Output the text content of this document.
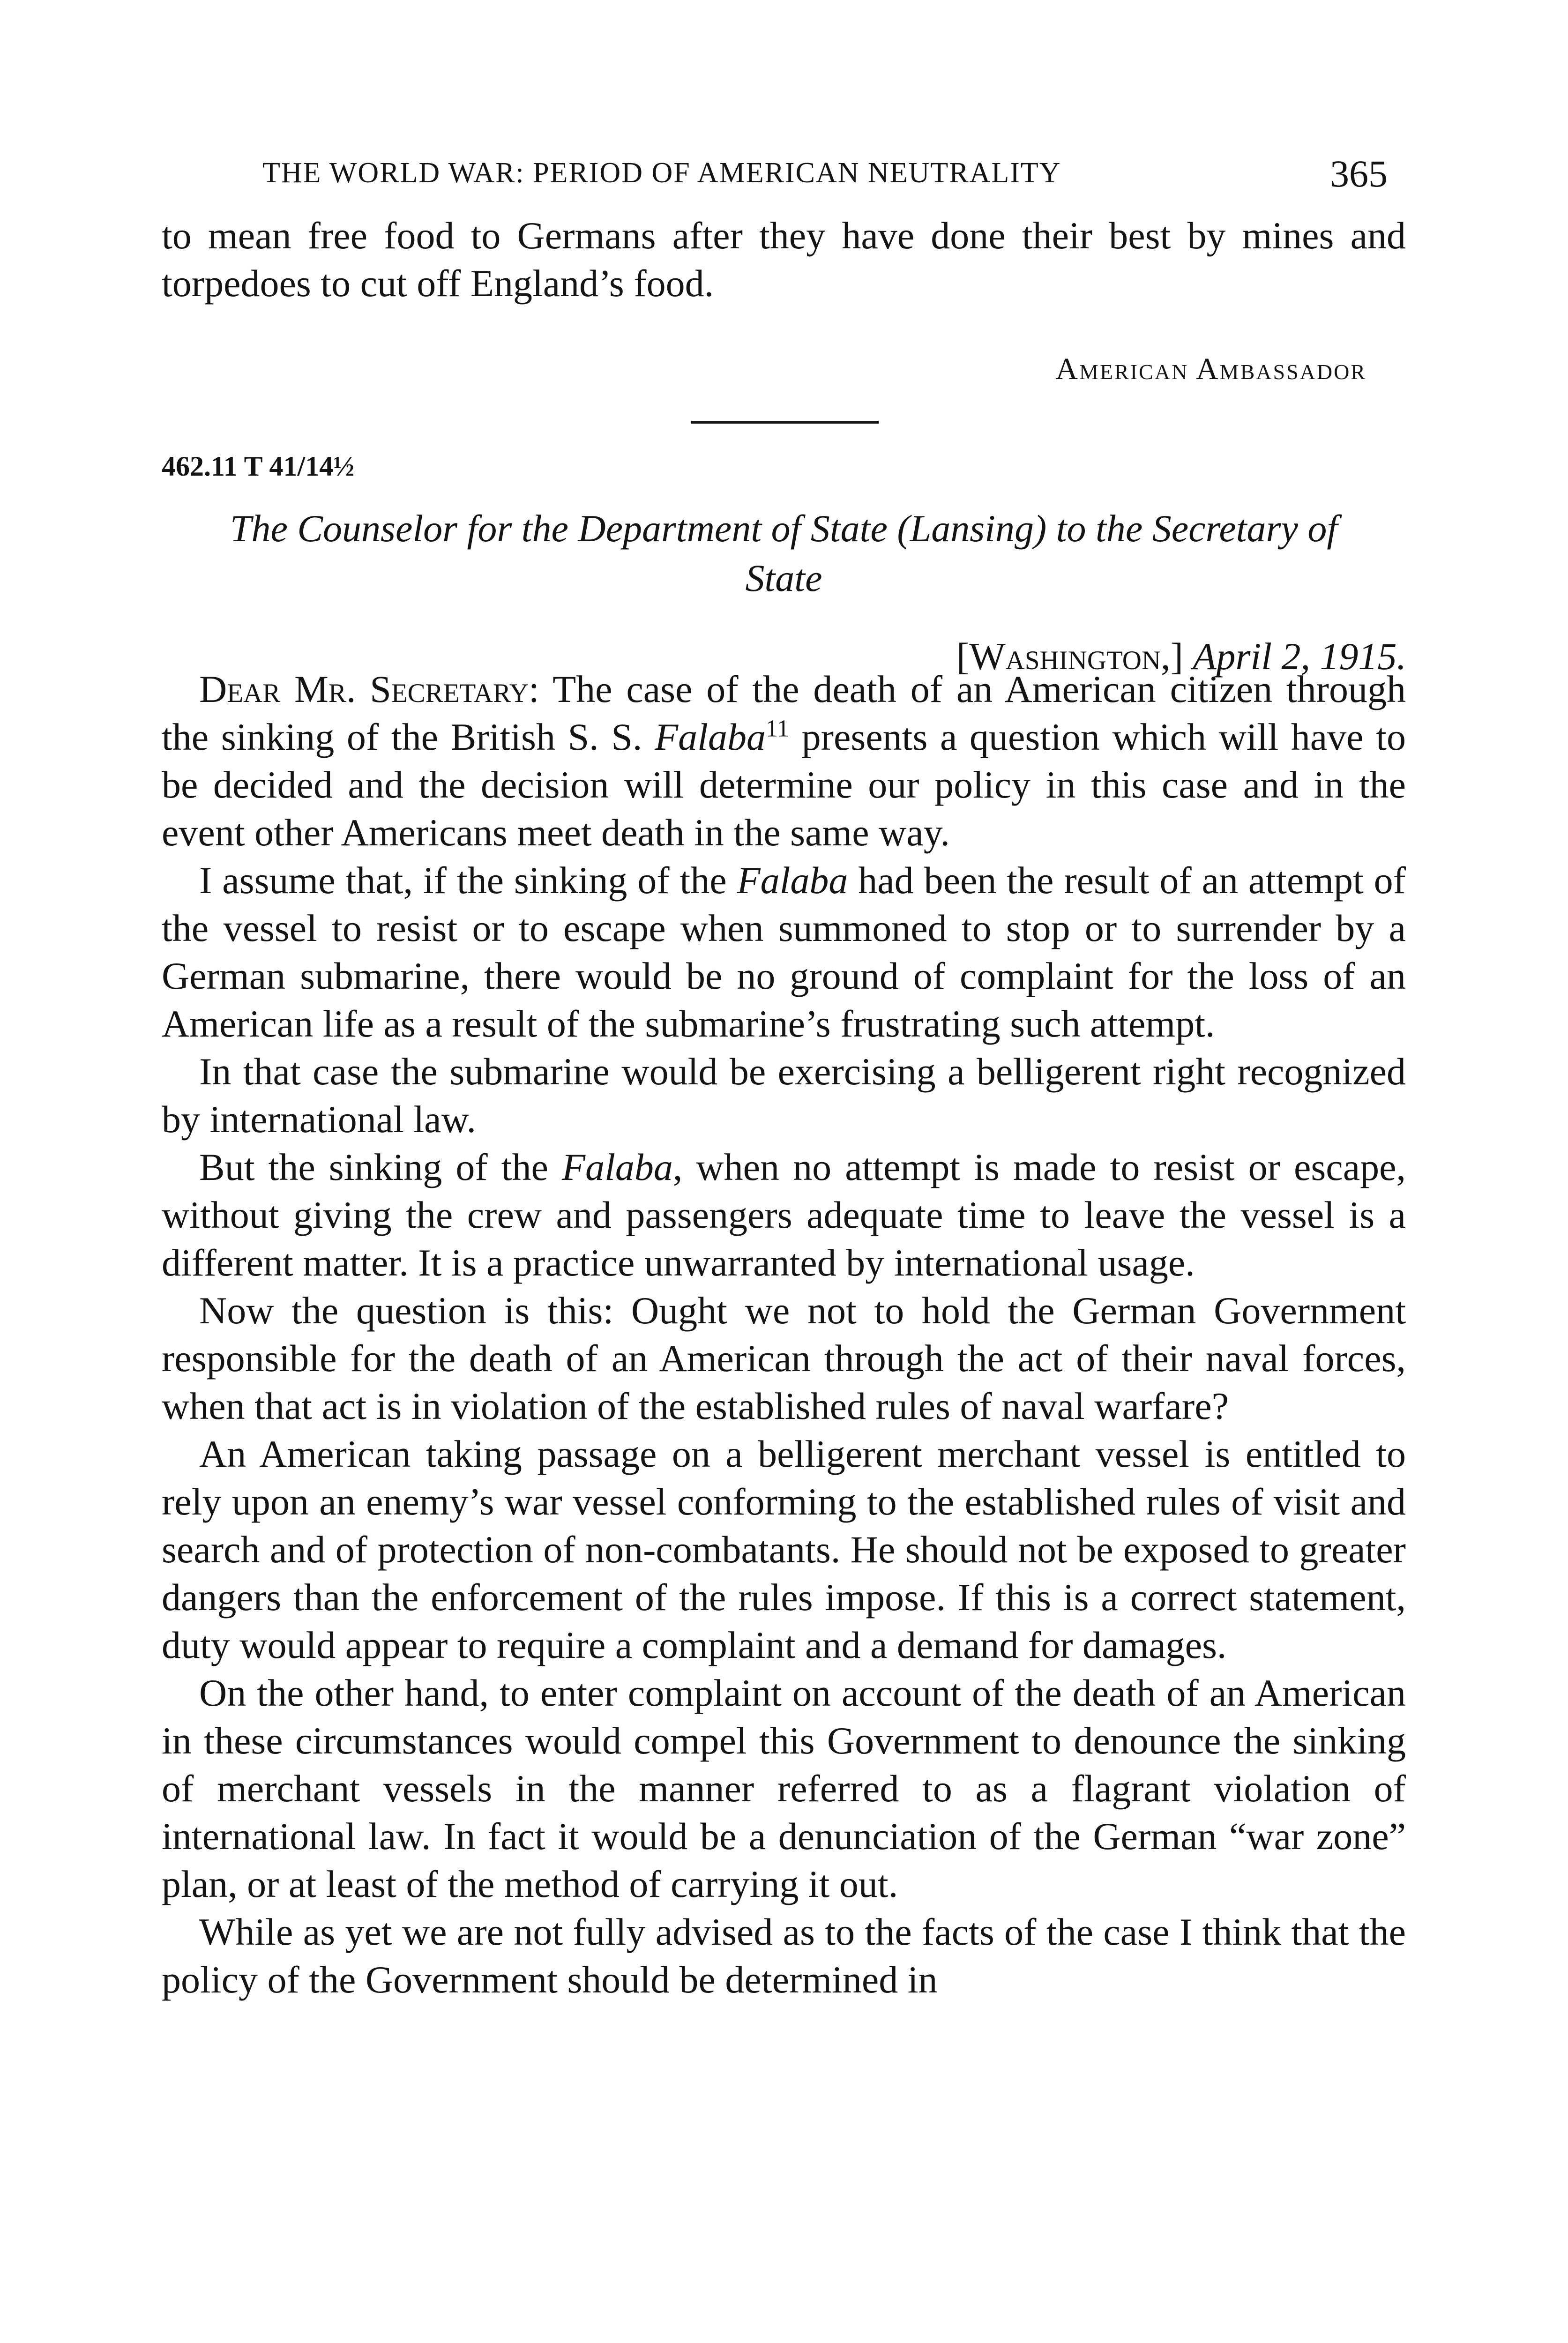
THE WORLD WAR: PERIOD OF AMERICAN NEUTRALITY	365

to mean free food to Germans after they have done their best by mines and torpedoes to cut off England’s food.

American Ambassador
462.11 T 41/14½
The Counselor for the Department of State (Lansing) to the Secretary of State
[Washington,] April 2, 1915.

Dear Mr. Secretary: The case of the death of an American citizen through the sinking of the British S. S. Falaba$^{11}$ presents a question which will have to be decided and the decision will determine our policy in this case and in the event other Americans meet death in the same way.

I assume that, if the sinking of the Falaba had been the result of an attempt of the vessel to resist or to escape when summoned to stop or to surrender by a German submarine, there would be no ground of complaint for the loss of an American life as a result of the submarine’s frustrating such attempt.

In that case the submarine would be exercising a belligerent right recognized by international law.

But the sinking of the Falaba, when no attempt is made to resist or escape, without giving the crew and passengers adequate time to leave the vessel is a different matter. It is a practice unwarranted by international usage.

Now the question is this: Ought we not to hold the German Government responsible for the death of an American through the act of their naval forces, when that act is in violation of the established rules of naval warfare?

An American taking passage on a belligerent merchant vessel is entitled to rely upon an enemy’s war vessel conforming to the established rules of visit and search and of protection of non-combatants. He should not be exposed to greater dangers than the enforcement of the rules impose. If this is a correct statement, duty would appear to require a complaint and a demand for damages.

On the other hand, to enter complaint on account of the death of an American in these circumstances would compel this Government to denounce the sinking of merchant vessels in the manner referred to as a flagrant violation of international law. In fact it would be a denunciation of the German “war zone” plan, or at least of the method of carrying it out.

While as yet we are not fully advised as to the facts of the case I think that the policy of the Government should be determined in
